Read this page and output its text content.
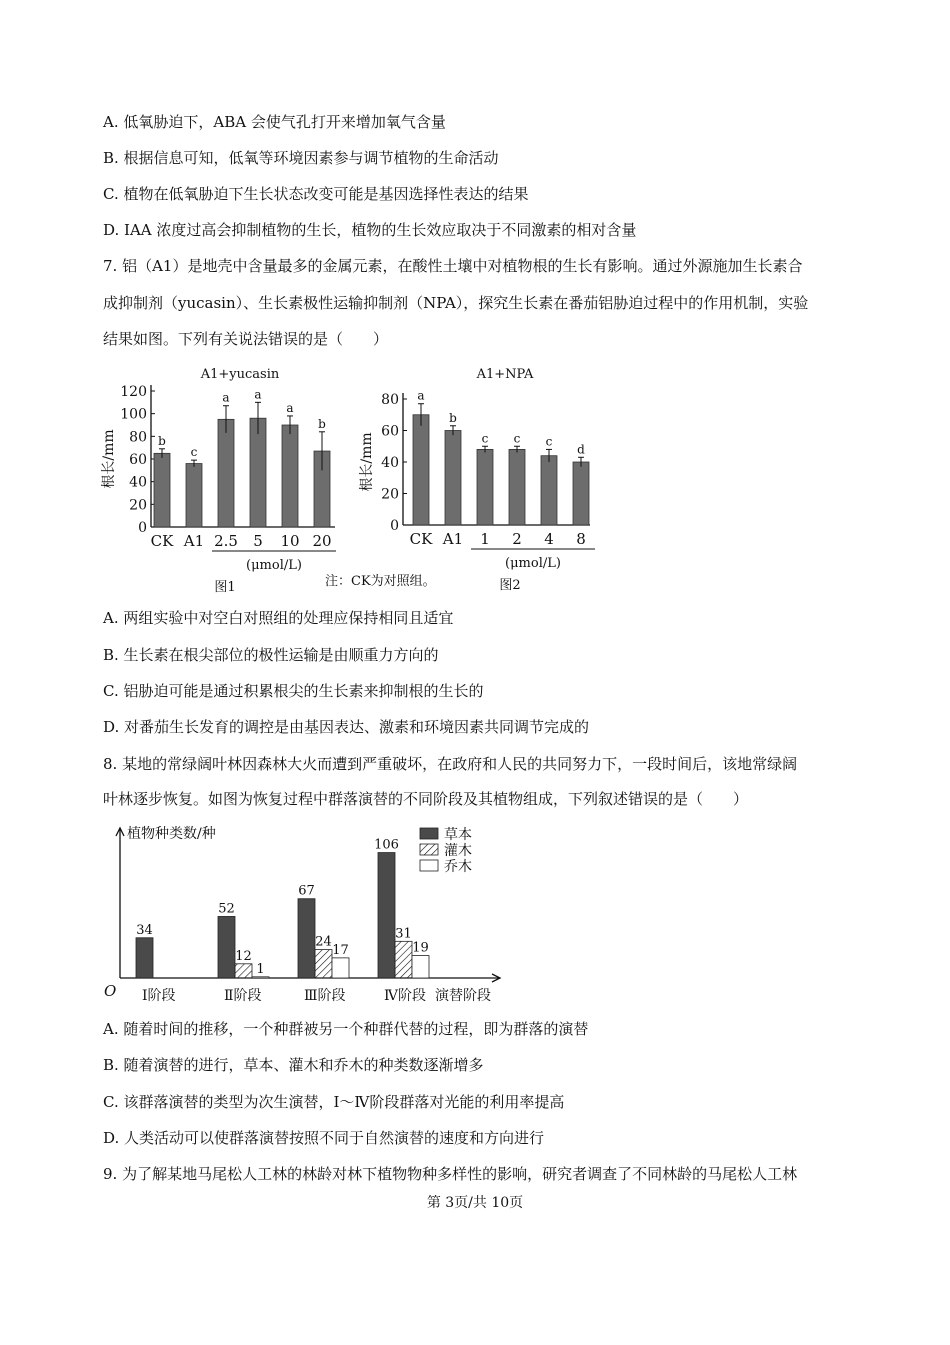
A. 低氧胁迫下，ABA 会使气孔打开来增加氧气含量
B. 根据信息可知，低氧等环境因素参与调节植物的生命活动
C. 植物在低氧胁迫下生长状态改变可能是基因选择性表达的结果
D. IAA 浓度过高会抑制植物的生长，植物的生长效应取决于不同激素的相对含量
7. 铝（A1）是地壳中含量最多的金属元素，在酸性土壤中对植物根的生长有影响。通过外源施加生长素合
成抑制剂（yucasin）、生长素极性运输抑制剂（NPA），探究生长素在番茄铝胁迫过程中的作用机制，实验
结果如图。下列有关说法错误的是（　　）
A1+yucasin
0
20
40
60
80
100
120
根长/mm	b
CK
c
A1
a
2.5
a
5
a
10
b
20
(μmol/L)
图1
A1+NPA
0
20
40
60
80
根长/mm
a
CK
b
A1
c
1
c
2
c
4
d
8
(μmol/L)
图2
注：CK为对照组。
A. 两组实验中对空白对照组的处理应保持相同且适宜
B. 生长素在根尖部位的极性运输是由顺重力方向的
C. 铝胁迫可能是通过积累根尖的生长素来抑制根的生长的
D. 对番茄生长发育的调控是由基因表达、激素和环境因素共同调节完成的
8. 某地的常绿阔叶林因森林大火而遭到严重破坏，在政府和人民的共同努力下，一段时间后，该地常绿阔
叶林逐步恢复。如图为恢复过程中群落演替的不同阶段及其植物组成，下列叙述错误的是（　　）
植物种类数/种
O	演替阶段
34
Ⅰ阶段
52
12
1
Ⅱ阶段
67
24
17
Ⅲ阶段
106
31
19
Ⅳ阶段
草本
灌木
乔木
A. 随着时间的推移，一个种群被另一个种群代替的过程，即为群落的演替
B. 随着演替的进行，草本、灌木和乔木的种类数逐渐增多
C. 该群落演替的类型为次生演替，Ⅰ～Ⅳ阶段群落对光能的利用率提高
D. 人类活动可以使群落演替按照不同于自然演替的速度和方向进行
9. 为了解某地马尾松人工林的林龄对林下植物物种多样性的影响，研究者调查了不同林龄的马尾松人工林
第 3页/共 10页
